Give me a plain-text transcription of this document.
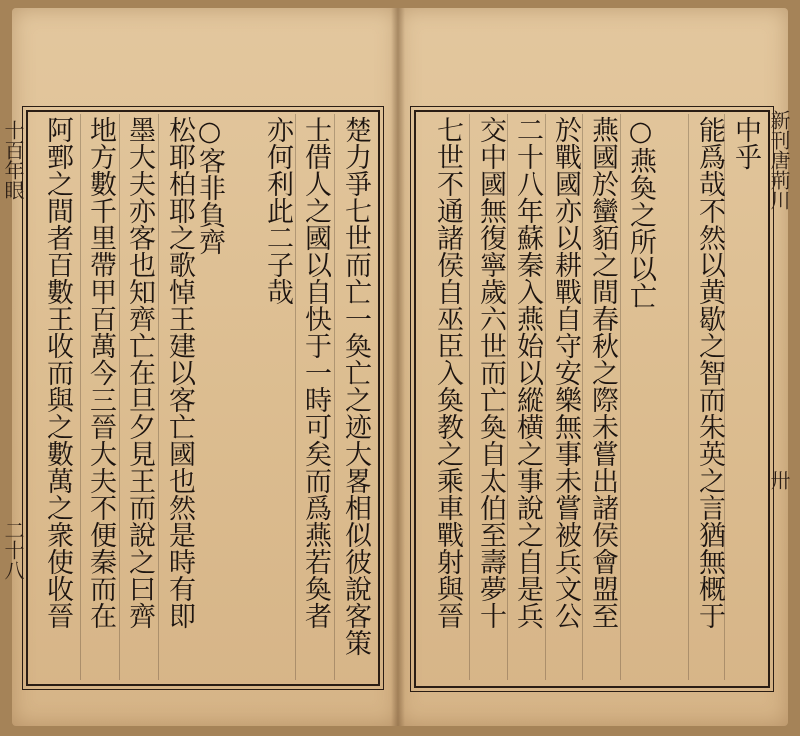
中乎
能爲哉不然以黄歇之智而朱英之言猶無概于
○燕奐之所以亡
燕國於蠻貊之間春秋之際未嘗出諸侯會盟至
於戰國亦以耕戰自守安樂無事未嘗被兵文公
二十八年蘇秦入燕始以縱横之事說之自是兵
交中國無復寧歲六世而亡奐自太伯至壽夢十
七世不通諸侯自巫臣入奐教之乘車戰射與晉
楚力爭七世而亡一奐亡之迹大畧相似彼說客策
士借人之國以自快于一時可矣而爲燕若奐者
亦何利此二子哉
○客非負齊
松耶柏耶之歌悼王建以客亡國也然是時有即
墨大夫亦客也知齊亡在旦夕見王而說之曰齊
地方數千里帶甲百萬今三晉大夫不便秦而在
阿鄄之間者百數王收而與之數萬之衆使收晉
十百年眼
二十八
新刊唐荊川
卅
